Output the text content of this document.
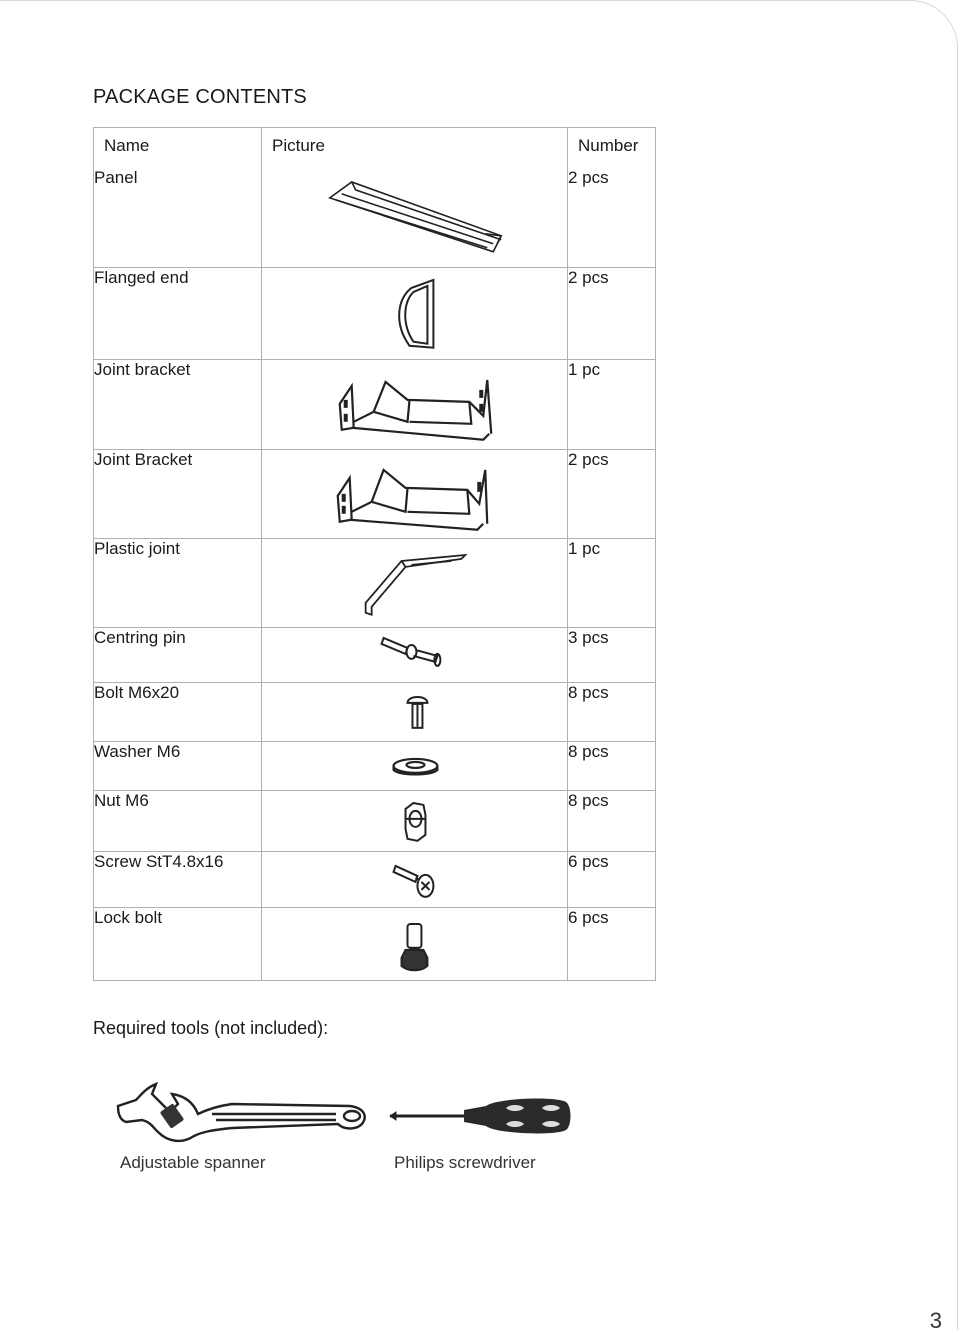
PACKAGE CONTENTS
Name	Picture	Number
Panel		2 pcs
Flanged end		2 pcs
Joint bracket		1 pc
Joint Bracket		2 pcs
Plastic joint		1 pc
Centring pin		3 pcs
Bolt M6x20		8 pcs
Washer M6		8 pcs
Nut M6		8 pcs
Screw StT4.8x16		6 pcs
Lock bolt		6 pcs
Required tools (not included):
Adjustable spanner	Philips screwdriver
3
